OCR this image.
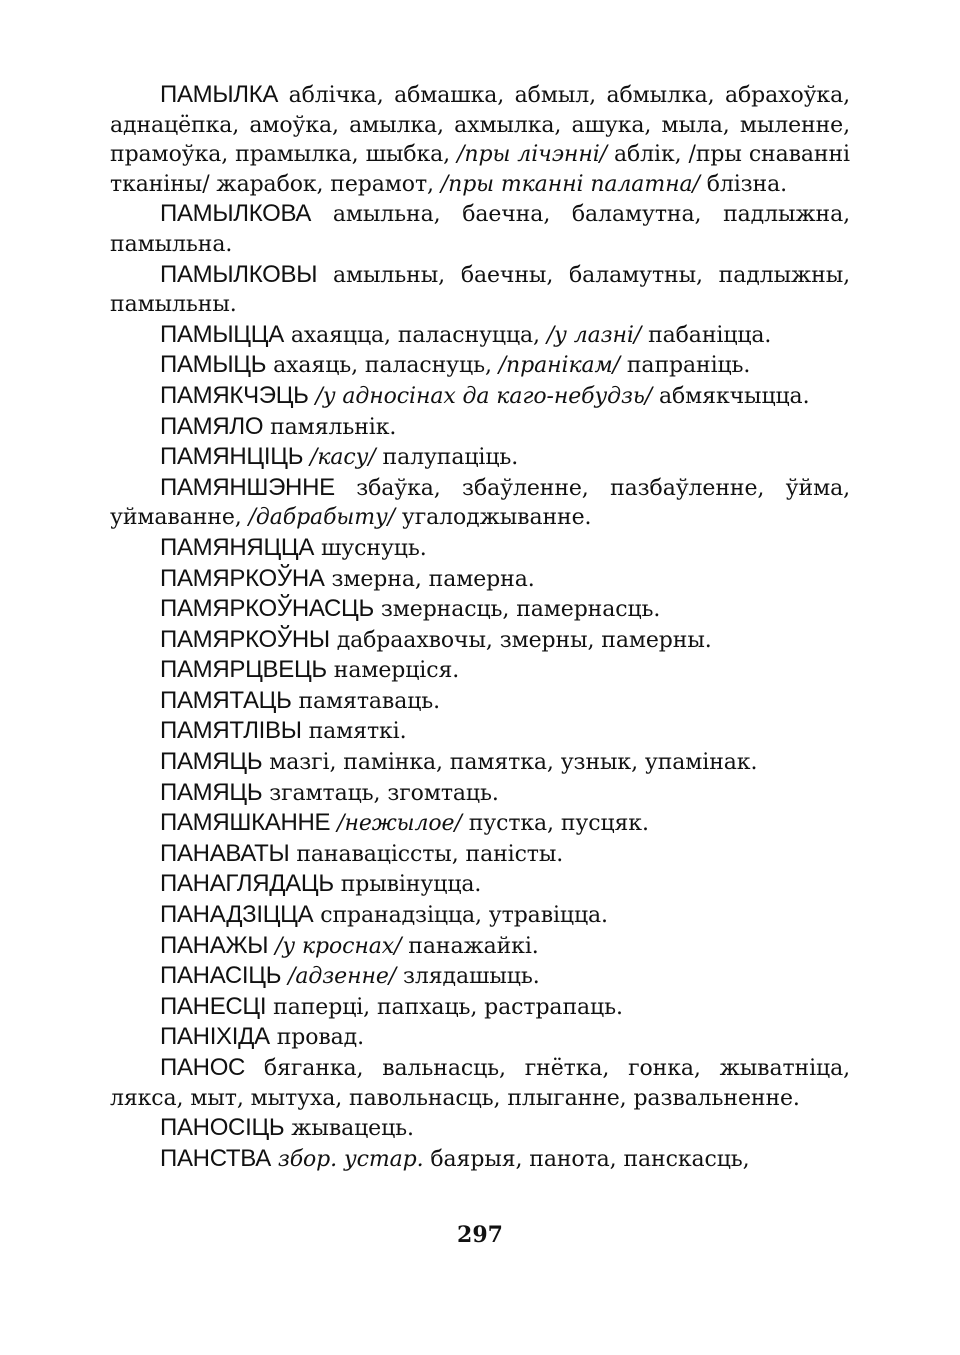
ПАМЫЛКА аблічка, абмашка, абмыл, абмылка, абрахоўка, аднацёпка, амоўка, амылка, ахмылка, ашука, мыла, мыленне, прамоўка, прамылка, шыбка, /пры лічэнні/ аблік, /пры снаванні тканіны/ жарабок, перамот, /пры тканні палатна/ блізна.

ПАМЫЛКОВА амыльна, баечна, баламутна, падлыжна, памыльна.

ПАМЫЛКОВЫ амыльны, баечны, баламутны, падлыжны, памыльны.

ПАМЫЦЦА ахаяцца, паласнуцца, /у лазні/ пабаніцца.

ПАМЫЦЬ ахаяць, паласнуць, /пранікам/ папраніць.

ПАМЯКЧЭЦЬ /у адносінах да каго-небудзь/ абмякчыцца.

ПАМЯЛО памяльнік.

ПАМЯНЦІЦЬ /касу/ палупаціць.

ПАМЯНШЭННЕ збаўка, збаўленне, пазбаўленне, ўйма, уймаванне, /дабрабыту/ угалоджыванне.

ПАМЯНЯЦЦА шуснуць.

ПАМЯРКОЎНА змерна, памерна.

ПАМЯРКОЎНАСЦЬ змернасць, памернасць.

ПАМЯРКОЎНЫ дабраахвочы, змерны, памерны.

ПАМЯРЦВЕЦЬ намерціся.

ПАМЯТАЦЬ памятаваць.

ПАМЯТЛІВЫ памяткі.

ПАМЯЦЬ мазгі, памінка, памятка, узнык, упамінак.

ПАМЯЦЬ згамтаць, згомтаць.

ПАМЯШКАННЕ /нежылое/ пустка, пусцяк.

ПАНАВАТЫ панаваціссты, паністы.

ПАНАГЛЯДАЦЬ прывінуцца.

ПАНАДЗІЦЦА спранадзіцца, утравіцца.

ПАНАЖЫ /у кроснах/ панажайкі.

ПАНАСІЦЬ /адзенне/ злядашыць.

ПАНЕСЦІ паперці, папхаць, растрапаць.

ПАНІХІДА провад.

ПАНОС бяганка, вальнасць, гнётка, гонка, жыватніца, лякса, мыт, мытуха, павольнасць, плыганне, развальненне.

ПАНОСІЦЬ жывацець.

ПАНСТВА збор. устар. баярыя, панота, панскасць,

297
